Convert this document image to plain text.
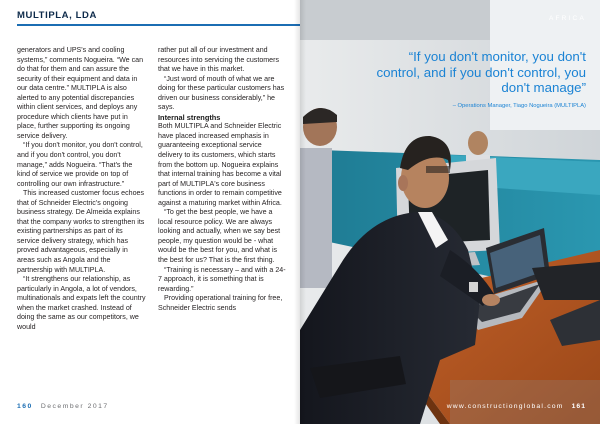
MULTIPLA, LDA

generators and UPS's and cooling systems,” comments Nogueira. “We can do that for them and can assure the security of their equipment and data in our data centre.” MULTIPLA is also alerted to any potential discrepancies within client services, and deploys any procedure which clients have put in place, further supporting its ongoing service delivery.

“If you don't monitor, you don't control, and if you don't control, you don't manage,” adds Nogueira. “That's the kind of service we provide on top of controlling our own infrastructure.”

This increased customer focus echoes that of Schneider Electric's ongoing business strategy. De Almeida explains that the company works to strengthen its existing partnerships as part of its service delivery strategy, which has proved advantageous, especially in areas such as Angola and the partnership with MULTIPLA.

“It strengthens our relationship, as particularly in Angola, a lot of vendors, multinationals and expats left the country when the market crashed. Instead of doing the same as our competitors, we would

rather put all of our investment and resources into servicing the customers that we have in this market.

“Just word of mouth of what we are doing for these particular customers has driven our business considerably,” he says.

Internal strengths

Both MULTIPLA and Schneider Electric have placed increased emphasis in guaranteeing exceptional service delivery to its customers, which starts from the bottom up. Nogueira explains that internal training has become a vital part of MULTIPLA's core business functions in order to remain competitive against a maturing market within Africa.

“To get the best people, we have a local resource policy. We are always looking and actually, when we say best people, my question would be - what would be the best for you, and what is the best for us? That is the first thing.

“Training is necessary – and with a 24-7 approach, it is something that is rewarding.”

Providing operational training for free, Schneider Electric sends

160 December 2017
AFRICA
“If you don't monitor, you don't control, and if you don't control, you don't manage”
– Operations Manager, Tiago Nogueira (MULTIPLA)
www.constructionglobal.com 161
